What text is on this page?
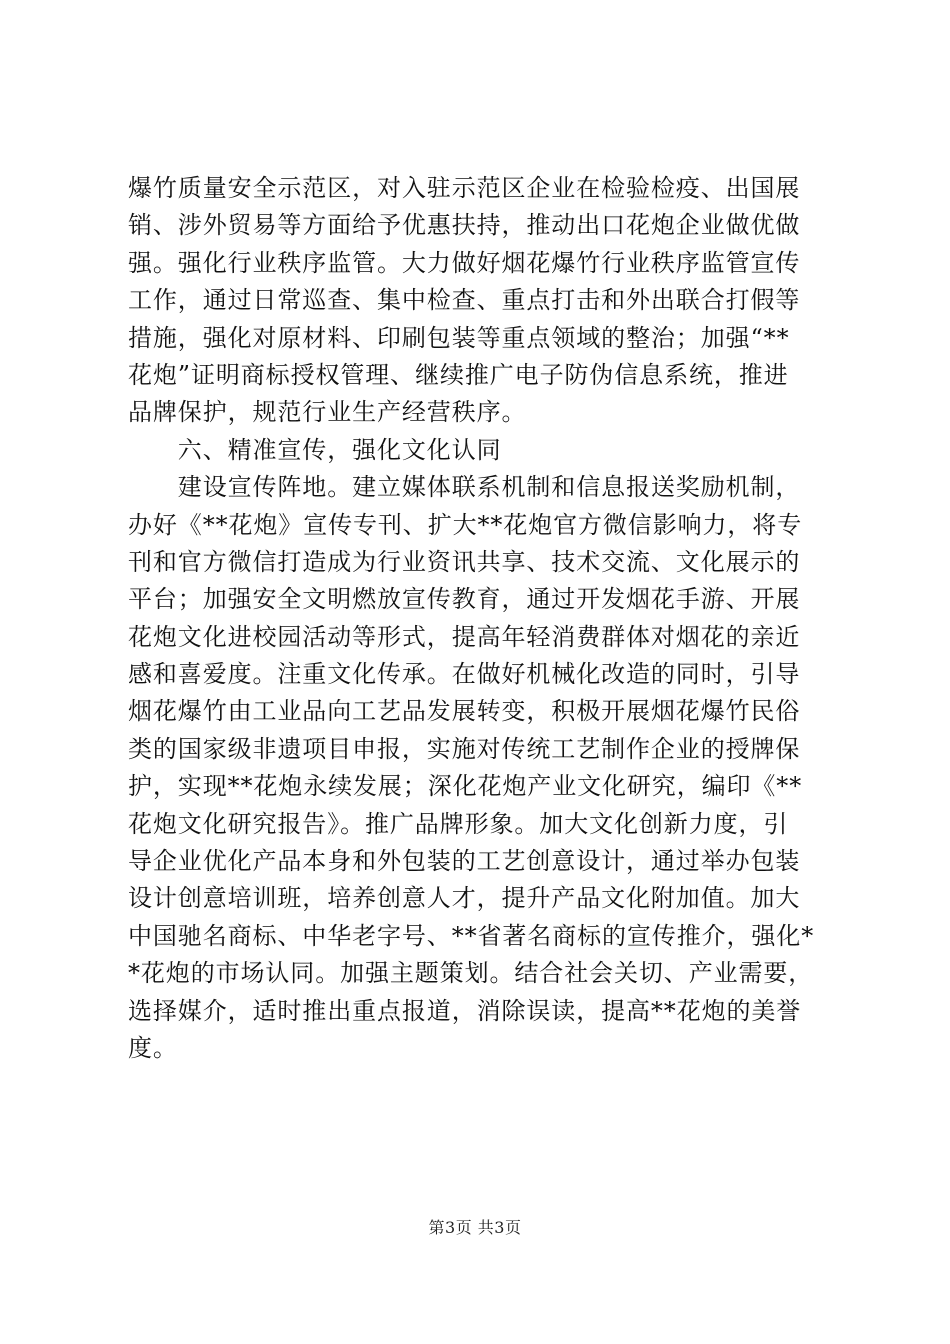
爆竹质量安全示范区，对入驻示范区企业在检验检疫、出国展
销、涉外贸易等方面给予优惠扶持，推动出口花炮企业做优做
强。强化行业秩序监管。大力做好烟花爆竹行业秩序监管宣传
工作，通过日常巡查、集中检查、重点打击和外出联合打假等
措施，强化对原材料、印刷包装等重点领域的整治；加强“**
花炮”证明商标授权管理、继续推广电子防伪信息系统，推进
品牌保护，规范行业生产经营秩序。
　　六、精准宣传，强化文化认同
　　建设宣传阵地。建立媒体联系机制和信息报送奖励机制，
办好《**花炮》宣传专刊、扩大**花炮官方微信影响力，将专
刊和官方微信打造成为行业资讯共享、技术交流、文化展示的
平台；加强安全文明燃放宣传教育，通过开发烟花手游、开展
花炮文化进校园活动等形式，提高年轻消费群体对烟花的亲近
感和喜爱度。注重文化传承。在做好机械化改造的同时，引导
烟花爆竹由工业品向工艺品发展转变，积极开展烟花爆竹民俗
类的国家级非遗项目申报，实施对传统工艺制作企业的授牌保
护，实现**花炮永续发展；深化花炮产业文化研究，编印《**
花炮文化研究报告》。推广品牌形象。加大文化创新力度，引
导企业优化产品本身和外包装的工艺创意设计，通过举办包装
设计创意培训班，培养创意人才，提升产品文化附加值。加大
中国驰名商标、中华老字号、**省著名商标的宣传推介，强化*
*花炮的市场认同。加强主题策划。结合社会关切、产业需要，
选择媒介，适时推出重点报道，消除误读，提高**花炮的美誉
度。
第3页 共3页
